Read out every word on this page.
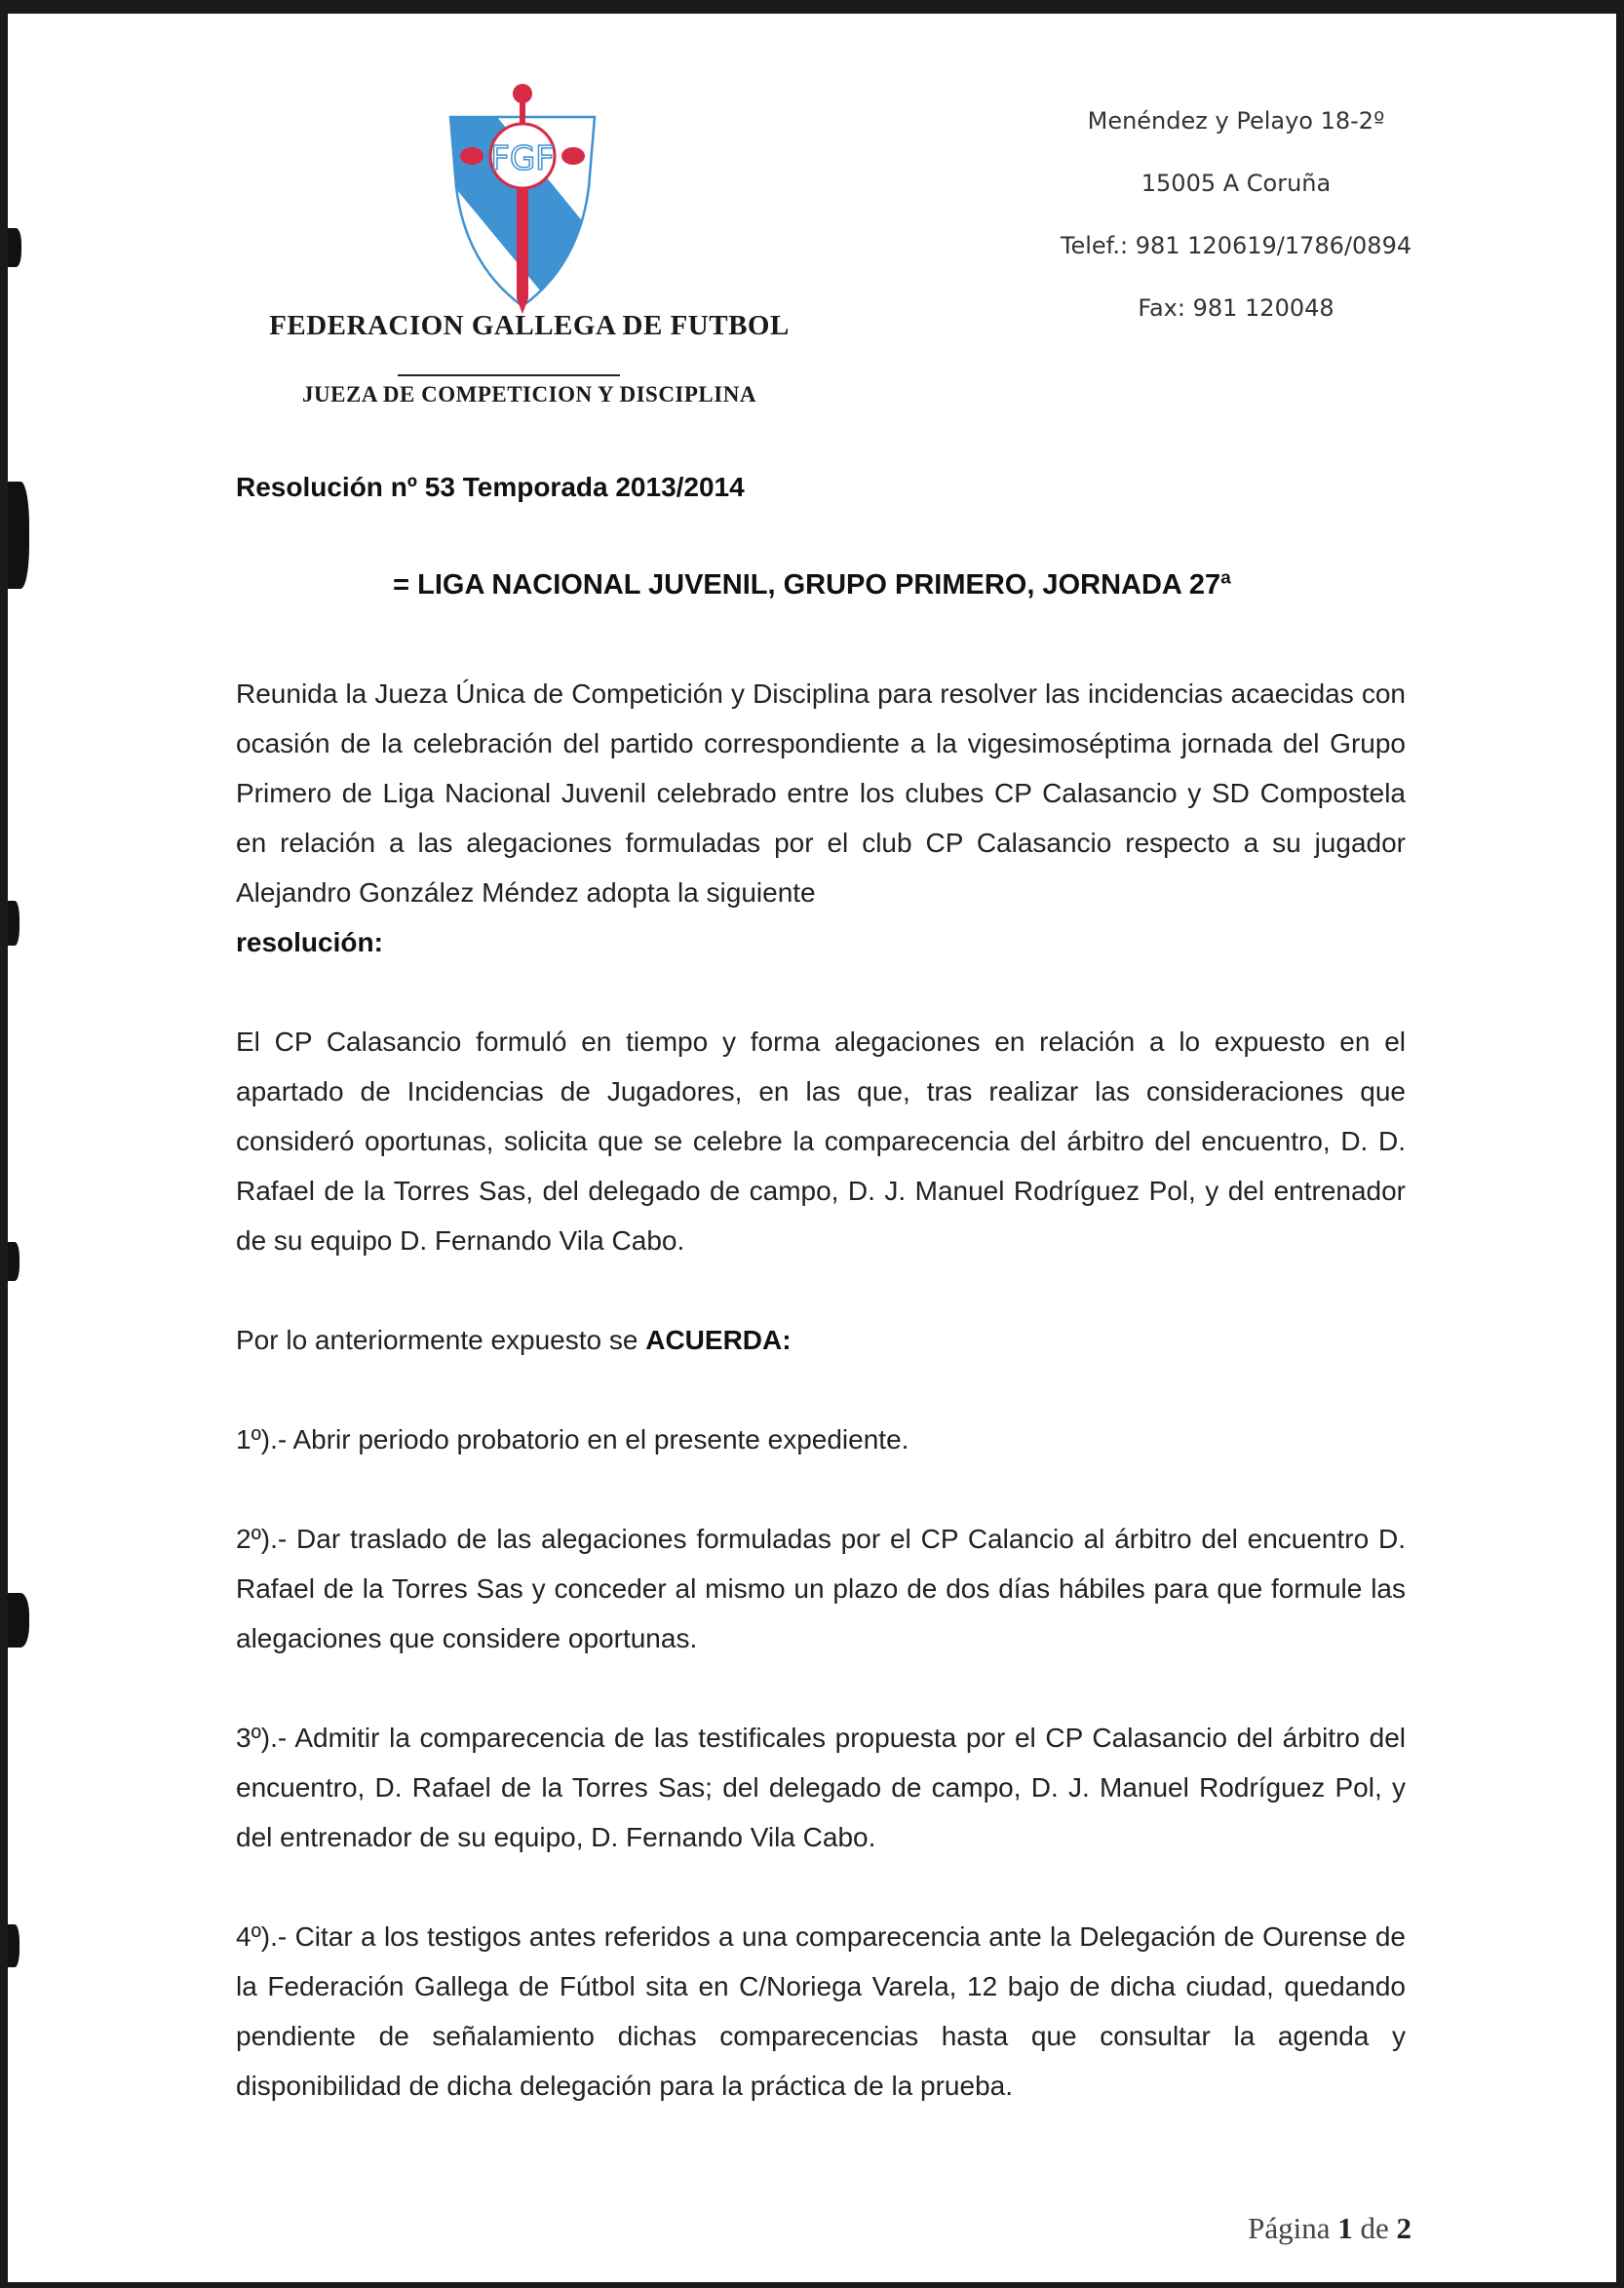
FGF
FEDERACION GALLEGA DE FUTBOL
JUEZA DE COMPETICION Y DISCIPLINA
Menéndez y Pelayo 18-2º
15005 A Coruña
Telef.: 981 120619/1786/0894
Fax: 981 120048
Resolución nº 53 Temporada 2013/2014
= LIGA NACIONAL JUVENIL, GRUPO PRIMERO, JORNADA 27ª

Reunida la Jueza Única de Competición y Disciplina para resolver las incidencias acaecidas con ocasión de la celebración del partido correspondiente a la vigesimoséptima jornada del Grupo Primero de Liga Nacional Juvenil celebrado entre los clubes CP Calasancio y SD Compostela en relación a las alegaciones formuladas por el club CP Calasancio respecto a su jugador Alejandro González Méndez adopta la siguiente
resolución:

El CP Calasancio formuló en tiempo y forma alegaciones en relación a lo expuesto en el apartado de Incidencias de Jugadores, en las que, tras realizar las consideraciones que consideró oportunas, solicita que se celebre la comparecencia del árbitro del encuentro, D. D. Rafael de la Torres Sas, del delegado de campo, D. J. Manuel Rodríguez Pol, y del entrenador de su equipo D. Fernando Vila Cabo.

Por lo anteriormente expuesto se ACUERDA:

1º).- Abrir periodo probatorio en el presente expediente.

2º).- Dar traslado de las alegaciones formuladas por el CP Calancio al árbitro del encuentro D. Rafael de la Torres Sas y conceder al mismo un plazo de dos días hábiles para que formule las alegaciones que considere oportunas.

3º).- Admitir la comparecencia de las testificales propuesta por el CP Calasancio del árbitro del encuentro, D. Rafael de la Torres Sas; del delegado de campo, D. J. Manuel Rodríguez Pol, y del entrenador de su equipo, D. Fernando Vila Cabo.

4º).- Citar a los testigos antes referidos a una comparecencia ante la Delegación de Ourense de la Federación Gallega de Fútbol sita en C/Noriega Varela, 12 bajo de dicha ciudad, quedando pendiente de señalamiento dichas comparecencias hasta que consultar la agenda y disponibilidad de dicha delegación para la práctica de la prueba.

Página 1 de 2
